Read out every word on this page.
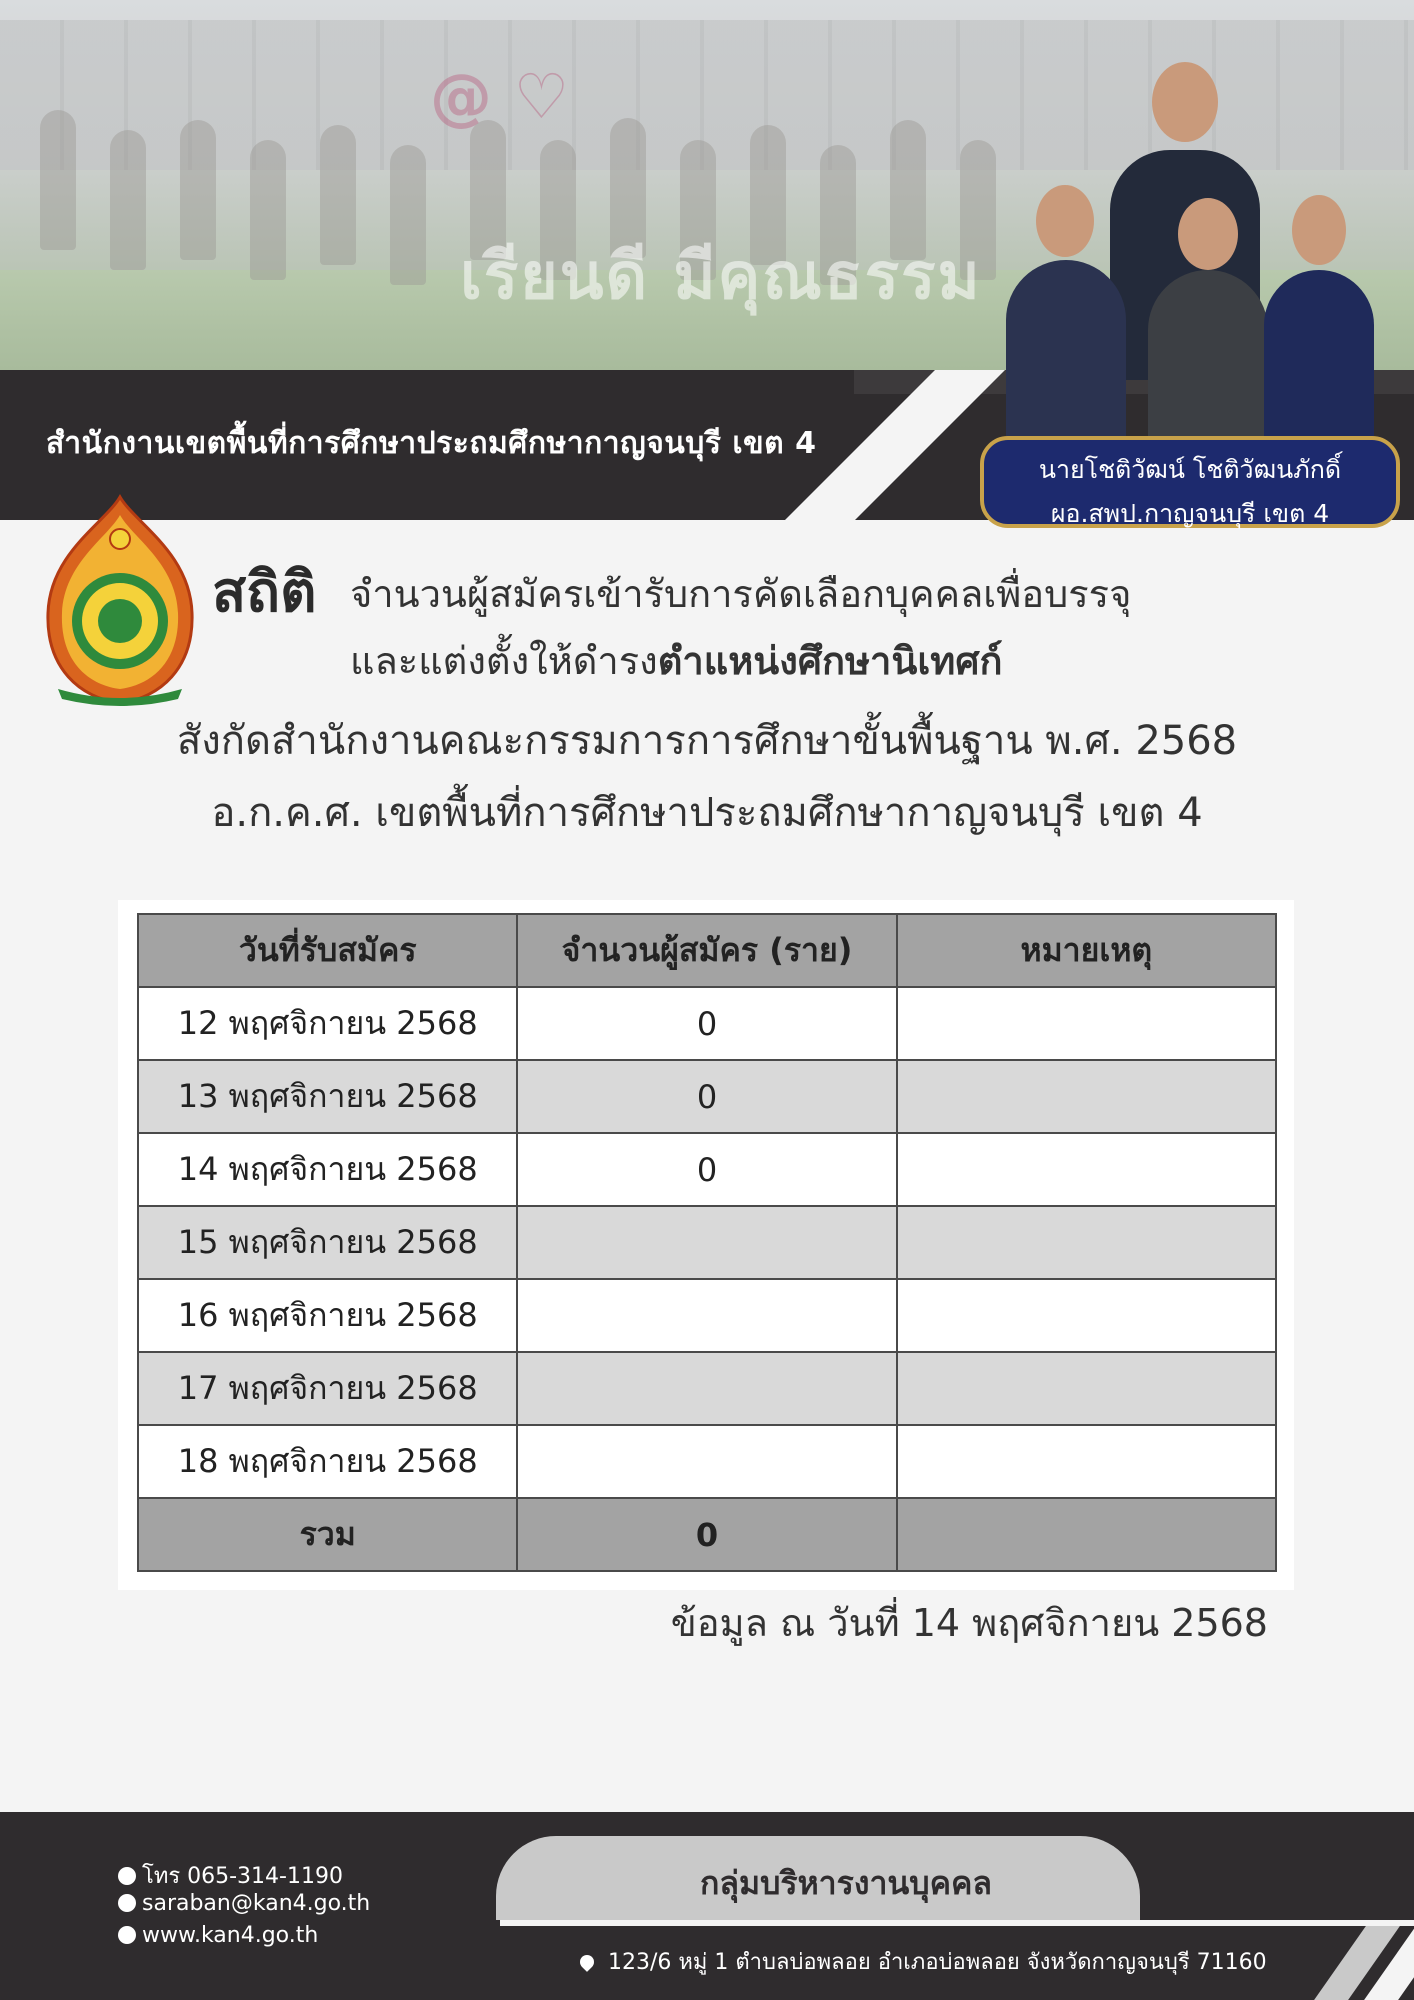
@ ♡
เรียนดี มีคุณธรรม
สำนักงานเขตพื้นที่การศึกษาประถมศึกษากาญจนบุรี เขต 4
นายโชติวัฒน์ โชติวัฒนภักดิ์
ผอ.สพป.กาญจนบุรี เขต 4
สถิติ จำนวนผู้สมัครเข้ารับการคัดเลือกบุคคลเพื่อบรรจุ
และแต่งตั้งให้ดำรงตำแหน่งศึกษานิเทศก์
สังกัดสำนักงานคณะกรรมการการศึกษาขั้นพื้นฐาน พ.ศ. 2568
อ.ก.ค.ศ. เขตพื้นที่การศึกษาประถมศึกษากาญจนบุรี เขต 4
วันที่รับสมัคร	จำนวนผู้สมัคร (ราย)	หมายเหตุ
12 พฤศจิกายน 2568	0	
13 พฤศจิกายน 2568	0	
14 พฤศจิกายน 2568	0	
15 พฤศจิกายน 2568		
16 พฤศจิกายน 2568		
17 พฤศจิกายน 2568		
18 พฤศจิกายน 2568		
รวม	0	
ข้อมูล ณ วันที่ 14 พฤศจิกายน 2568
กลุ่มบริหารงานบุคคล
โทร 065-314-1190
saraban@kan4.go.th
www.kan4.go.th
123/6 หมู่ 1 ตำบลบ่อพลอย อำเภอบ่อพลอย จังหวัดกาญจนบุรี 71160
